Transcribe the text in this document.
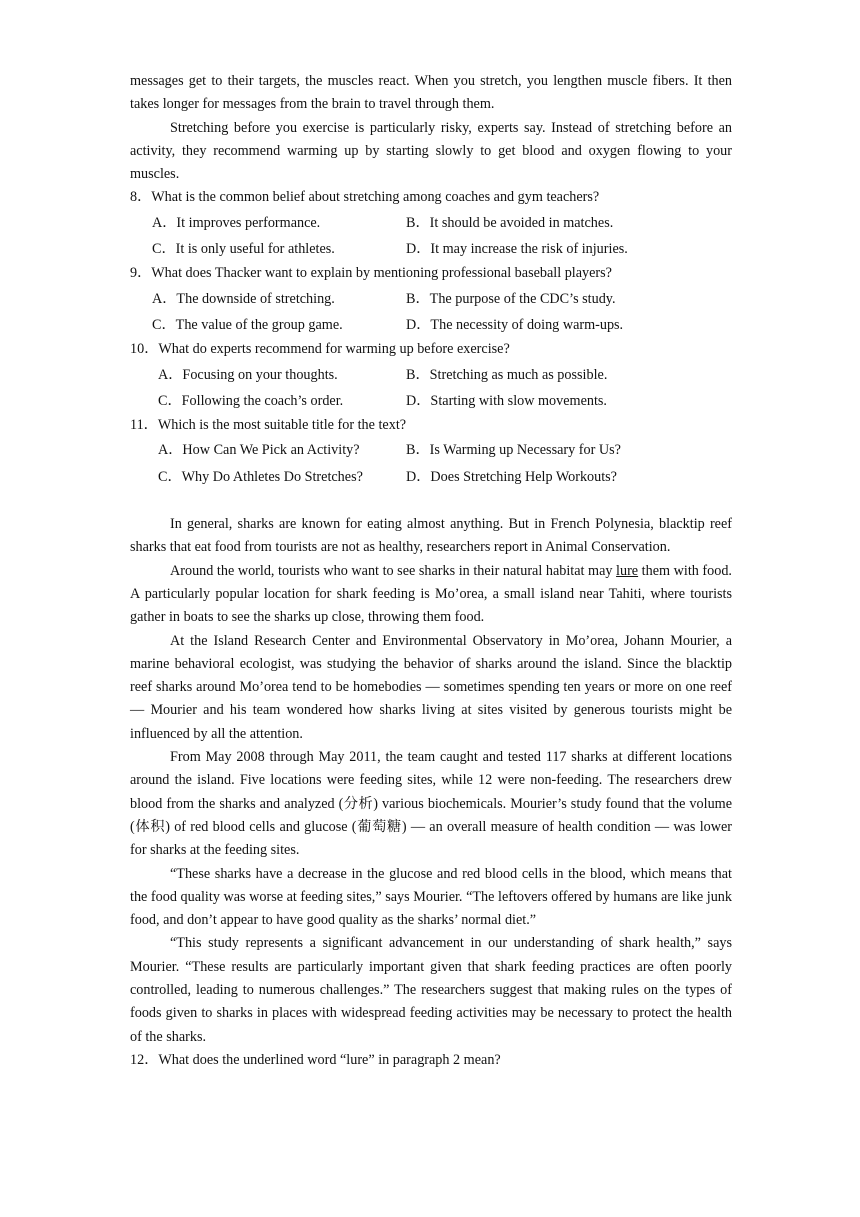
messages get to their targets, the muscles react. When you stretch, you lengthen muscle fibers. It then takes longer for messages from the brain to travel through them.

Stretching before you exercise is particularly risky, experts say. Instead of stretching before an activity, they recommend warming up by starting slowly to get blood and oxygen flowing to your muscles.

8．What is the common belief about stretching among coaches and gym teachers?

A．It improves performance.	B．It should be avoided in matches.
C．It is only useful for athletes.	D．It may increase the risk of injuries.

9．What does Thacker want to explain by mentioning professional baseball players?

A．The downside of stretching.	B．The purpose of the CDC’s study.
C．The value of the group game.	D．The necessity of doing warm-ups.

10．What do experts recommend for warming up before exercise?

A．Focusing on your thoughts.	B．Stretching as much as possible.
C．Following the coach’s order.	D．Starting with slow movements.

11．Which is the most suitable title for the text?

A．How Can We Pick an Activity?	B．Is Warming up Necessary for Us?
C．Why Do Athletes Do Stretches?	D．Does Stretching Help Workouts?

In general, sharks are known for eating almost anything. But in French Polynesia, blacktip reef sharks that eat food from tourists are not as healthy, researchers report in Animal Conservation.

Around the world, tourists who want to see sharks in their natural habitat may lure them with food. A particularly popular location for shark feeding is Mo’orea, a small island near Tahiti, where tourists gather in boats to see the sharks up close, throwing them food.

At the Island Research Center and Environmental Observatory in Mo’orea, Johann Mourier, a marine behavioral ecologist, was studying the behavior of sharks around the island. Since the blacktip reef sharks around Mo’orea tend to be homebodies — sometimes spending ten years or more on one reef — Mourier and his team wondered how sharks living at sites visited by generous tourists might be influenced by all the attention.

From May 2008 through May 2011, the team caught and tested 117 sharks at different locations around the island. Five locations were feeding sites, while 12 were non-feeding. The researchers drew blood from the sharks and analyzed (分析) various biochemicals. Mourier’s study found that the volume (体积) of red blood cells and glucose (葡萄糖) — an overall measure of health condition — was lower for sharks at the feeding sites.

“These sharks have a decrease in the glucose and red blood cells in the blood, which means that the food quality was worse at feeding sites,” says Mourier. “The leftovers offered by humans are like junk food, and don’t appear to have good quality as the sharks’ normal diet.”

“This study represents a significant advancement in our understanding of shark health,” says Mourier. “These results are particularly important given that shark feeding practices are often poorly controlled, leading to numerous challenges.” The researchers suggest that making rules on the types of foods given to sharks in places with widespread feeding activities may be necessary to protect the health of the sharks.

12．What does the underlined word “lure” in paragraph 2 mean?
